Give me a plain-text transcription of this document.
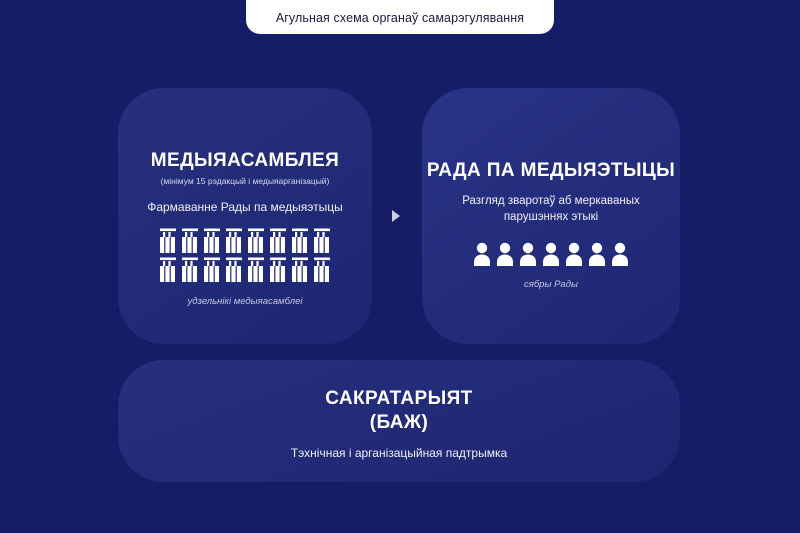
Агульная схема органаў самарэгулявання
МЕДЫЯАСАМБЛЕЯ

(мінімум 15 рэдакцый і медыяарганізацый)

Фармаванне Рады па медыяэтыцы

удзельнікі медыяасамблеі

РАДА ПА МЕДЫЯЭТЫЦЫ

Разгляд зваротаў аб меркаваных парушэннях этыкі

сябры Рады

САКРАТАРЫЯТ
(БАЖ)

Тэхнічная і арганізацыйная падтрымка
